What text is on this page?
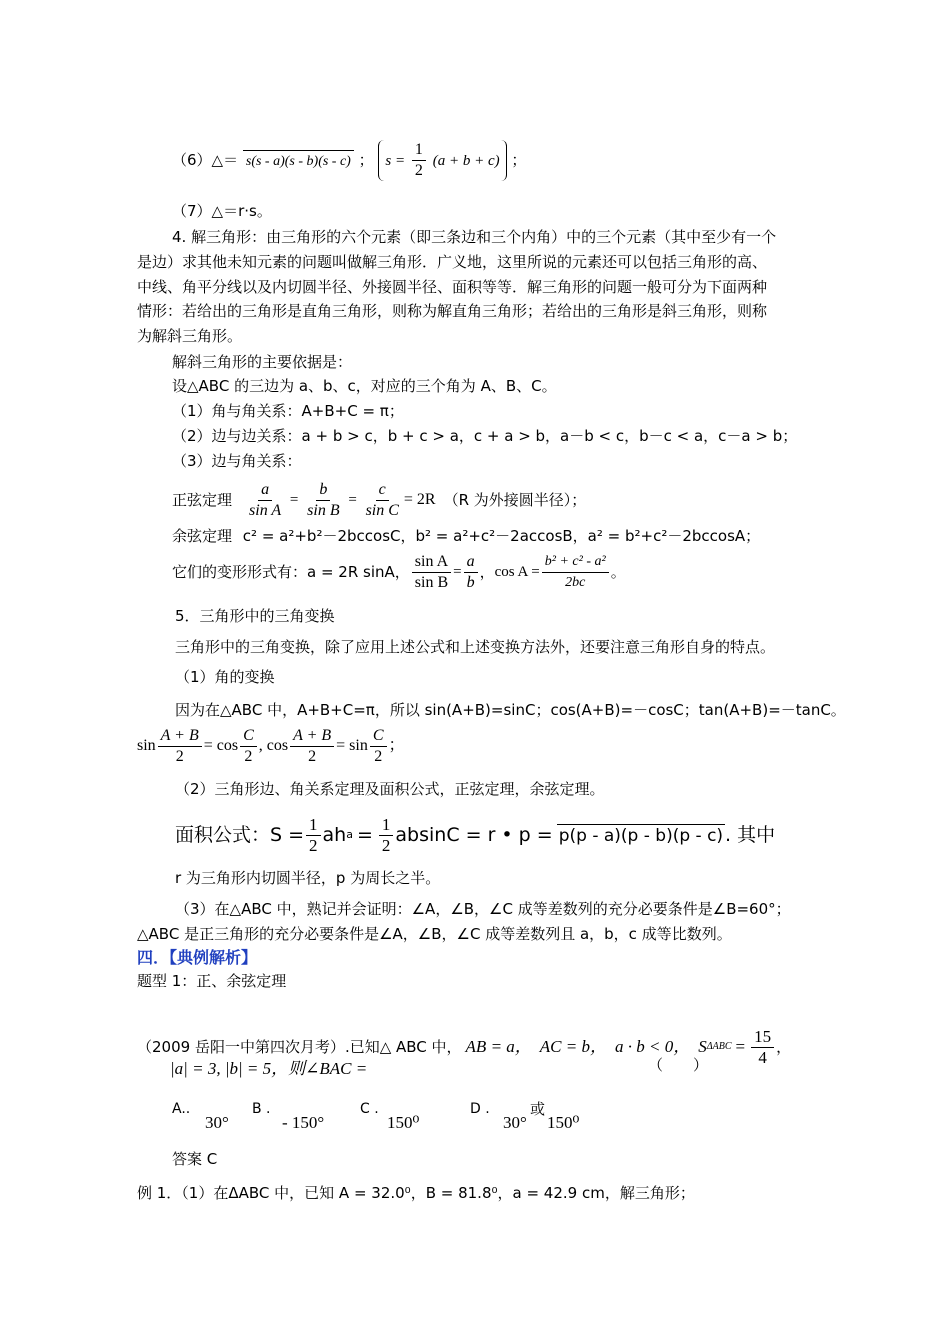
（6）△＝ s(s - a)(s - b)(s - c) ； $s = \frac{1}{2} (a + b + c)$ ；
（7）△＝r·s。
4. 解三角形：由三角形的六个元素（即三条边和三个内角）中的三个元素（其中至少有一个
是边）求其他未知元素的问题叫做解三角形．广义地，这里所说的元素还可以包括三角形的高、
中线、角平分线以及内切圆半径、外接圆半径、面积等等．解三角形的问题一般可分为下面两种
情形：若给出的三角形是直角三角形，则称为解直角三角形；若给出的三角形是斜三角形，则称
为解斜三角形。
解斜三角形的主要依据是：
设△ABC 的三边为 a、b、c，对应的三个角为 A、B、C。
（1）角与角关系：A+B+C = π；
（2）边与边关系：a + b > c，b + c > a，c + a > b，a－b < c，b－c < a，c－a > b；
（3）边与角关系：
正弦定理 $\frac{a}{\text{sin A}} = \frac{b}{\text{sin B}} = \frac{c}{\text{sin C}} = 2R$ （R 为外接圆半径）；
余弦定理 c² = a²+b²－2bccosC，b² = a²+c²－2accosB，a² = b²+c²－2bccosA；
它们的变形形式有：a = 2R sinA， $\frac{\text{sin A}}{\text{sin B}} = \frac{a}{b}$ ， $\cos A = \frac{\text{b² + c² - a²}}{2bc}$ 。
5．三角形中的三角变换
三角形中的三角变换，除了应用上述公式和上述变换方法外，还要注意三角形自身的特点。
（1）角的变换
因为在△ABC 中，A+B+C=π，所以 sin(A+B)=sinC；cos(A+B)=－cosC；tan(A+B)=－tanC。
$\sin \frac{A + B}{2} = \cos \frac{C}{2}$ , $\cos \frac{A + B}{2} = \sin \frac{C}{2}$ ；
（2）三角形边、角关系定理及面积公式，正弦定理，余弦定理。
面积公式：$S = \frac{1}{2}$ ah $a = \frac{1}{2}$ absinC = r • p = p(p - a)(p - b)(p - c) . 其中
r 为三角形内切圆半径，p 为周长之半。
（3）在△ABC 中，熟记并会证明：∠A，∠B，∠C 成等差数列的充分必要条件是∠B=60°；
△ABC 是正三角形的充分必要条件是∠A，∠B，∠C 成等差数列且 a，b，c 成等比数列。
四．【典例解析】
题型 1：正、余弦定理
（2009 岳阳一中第四次月考）.已知△ ABC 中， AB = a， AC = b， a · b < 0， S $\Delta ABC = \frac{15}{4}$ ，
|a| = 3, |b| = 5，则∠BAC =	（　　）
A..
30°
B .
- 150°
C .
150⁰
D .
30°
或
150⁰
答案 C
例 1．（1）在ΔABC 中，已知 A = 32.0⁰，B = 81.8⁰，a = 42.9 cm，解三角形；
